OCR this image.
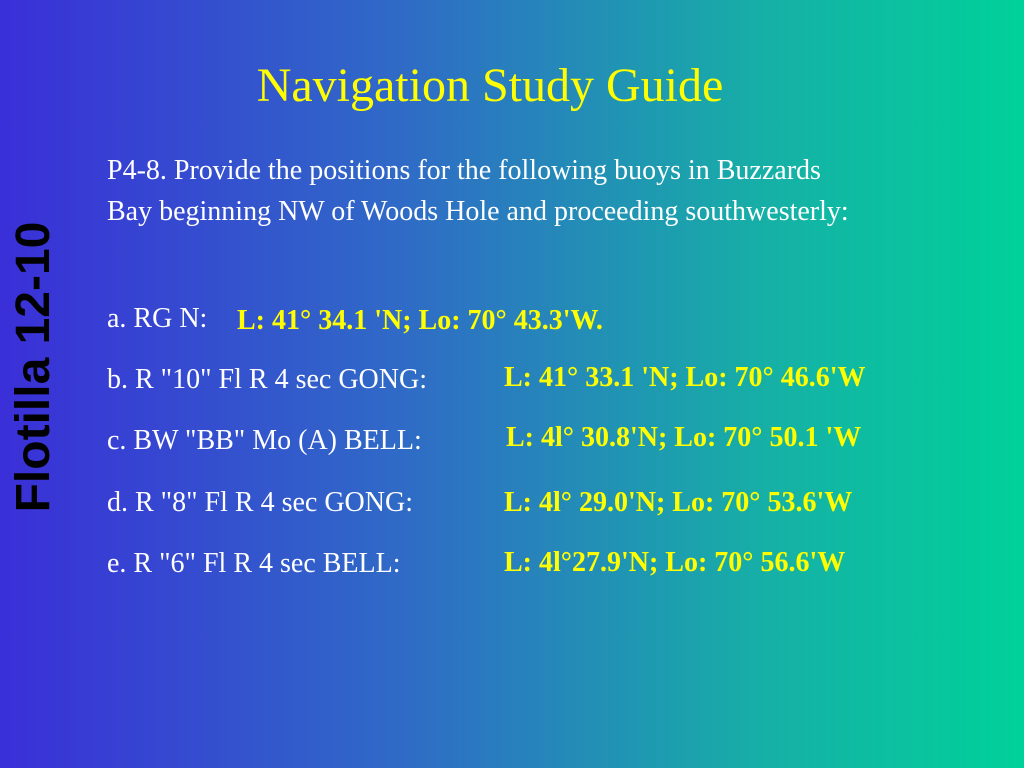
Flotilla 12-10
Navigation Study Guide
P4-8. Provide the positions for the following buoys in Buzzards Bay beginning NW of Woods Hole and proceeding southwesterly:
a. RG N: L: 41° 34.1 'N; Lo: 70° 43.3'W.
b. R "10" Fl R 4 sec GONG:	L: 41° 33.1 'N; Lo: 70° 46.6'W
c. BW "BB" Mo (A) BELL:	L: 4l° 30.8'N; Lo: 70° 50.1 'W
d. R "8" Fl R 4 sec GONG:	L: 4l° 29.0'N; Lo: 70° 53.6'W
e. R "6" Fl R 4 sec BELL:	L: 4l°27.9'N; Lo: 70° 56.6'W
